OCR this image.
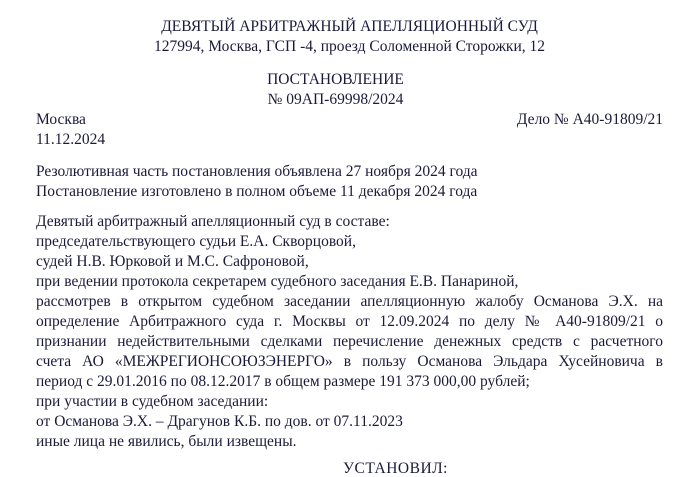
ДЕВЯТЫЙ АРБИТРАЖНЫЙ АПЕЛЛЯЦИОННЫЙ СУД
127994, Москва, ГСП -4, проезд Соломенной Сторожки, 12
ПОСТАНОВЛЕНИЕ
№ 09АП-69998/2024
Москва	Дело № А40-91809/21
11.12.2024
Резолютивная часть постановления объявлена 27 ноября 2024 года
Постановление изготовлено в полном объеме 11 декабря 2024 года
Девятый арбитражный апелляционный суд в составе:
председательствующего судьи Е.А. Скворцовой,
судей Н.В. Юрковой и М.С. Сафроновой,
при ведении протокола секретарем судебного заседания Е.В. Панариной,
рассмотрев в открытом судебном заседании апелляционную жалобу Османова Э.Х. на
определение Арбитражного суда г. Москвы от 12.09.2024 по делу № А40-91809/21 о
признании недействительными сделками перечисление денежных средств с расчетного
счета АО «МЕЖРЕГИОНСОЮЗЭНЕРГО» в пользу Османова Эльдара Хусейновича в
период с 29.01.2016 по 08.12.2017 в общем размере 191 373 000,00 рублей;
при участии в судебном заседании:
от Османова Э.Х. – Драгунов К.Б. по дов. от 07.11.2023
иные лица не явились, были извещены.
УСТАНОВИЛ:
